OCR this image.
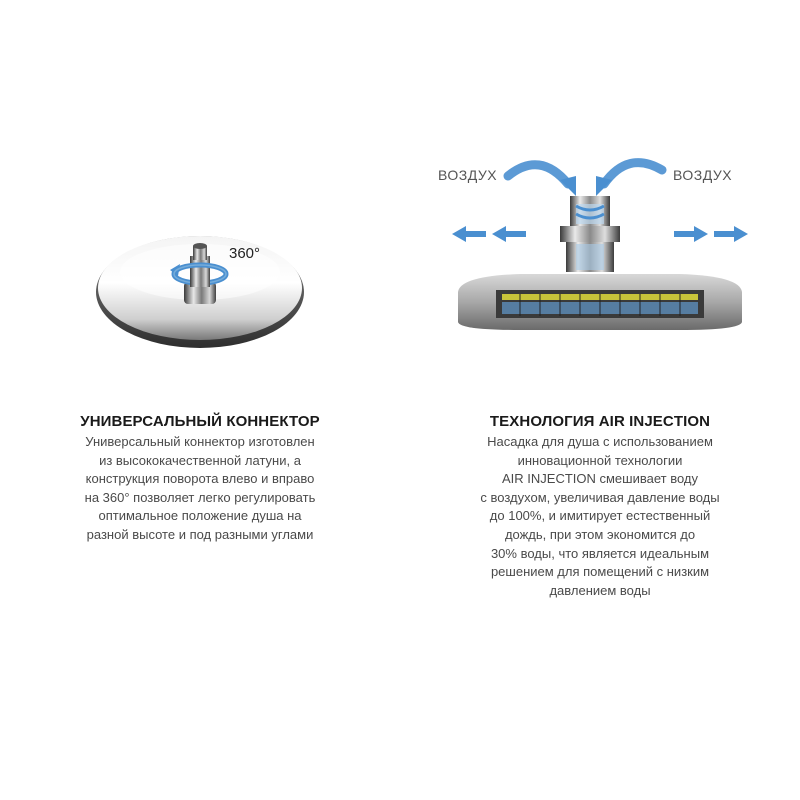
360°
УНИВЕРСАЛЬНЫЙ КОННЕКТОР

Универсальный коннектор изготовлен
из высококачественной латуни, а
конструкция поворота влево и вправо
на 360° позволяет легко регулировать
оптимальное положение душа на
разной высоте и под разными углами

ВОЗДУХ	ВОЗДУХ
ТЕХНОЛОГИЯ AIR INJECTION

Насадка для душа с использованием
инновационной технологии
AIR INJECTION смешивает воду
с воздухом, увеличивая давление воды
до 100%, и имитирует естественный
дождь, при этом экономится до
30% воды, что является идеальным
решением для помещений с низким
давлением воды
